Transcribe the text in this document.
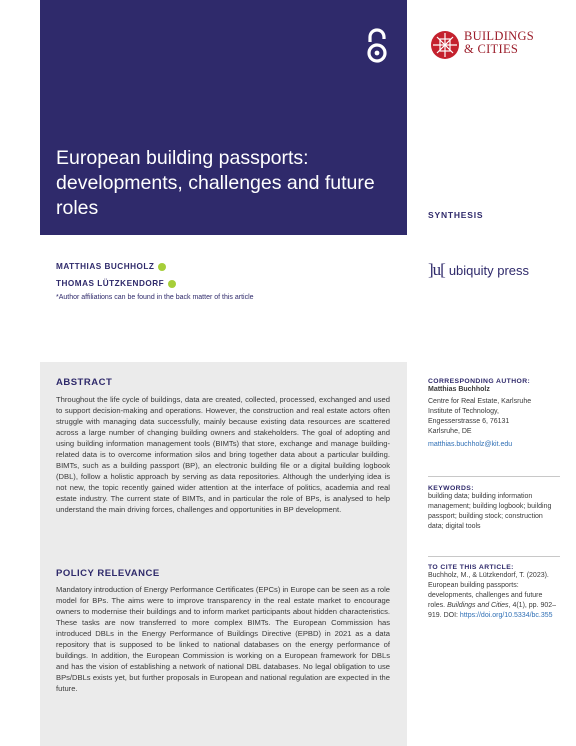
European building passports: developments, challenges and future roles
BUILDINGS
& CITIES
SYNTHESIS
MATTHIAS BUCHHOLZ
THOMAS LÜTZKENDORF
*Author affiliations can be found in the back matter of this article
]u[ ubiquity press
ABSTRACT
Throughout the life cycle of buildings, data are created, collected, processed, exchanged and used to support decision-making and operations. However, the construction and real estate actors often struggle with managing data successfully, mainly because existing data resources are scattered across a large number of changing building owners and stakeholders. The goal of adopting and using building information management tools (BIMTs) that store, exchange and manage building-related data is to overcome information silos and bring together data about a particular building. BIMTs, such as a building passport (BP), an electronic building file or a digital building logbook (DBL), follow a holistic approach by serving as data repositories. Although the underlying idea is not new, the topic recently gained wider attention at the interface of politics, academia and real estate industry. The current state of BIMTs, and in particular the role of BPs, is analysed to help understand the main driving forces, challenges and opportunities in BP development.
POLICY RELEVANCE
Mandatory introduction of Energy Performance Certificates (EPCs) in Europe can be seen as a role model for BPs. The aims were to improve transparency in the real estate market to encourage owners to modernise their buildings and to inform market participants about hidden characteristics. These tasks are now transferred to more complex BIMTs. The European Commission has introduced DBLs in the Energy Performance of Buildings Directive (EPBD) in 2021 as a data repository that is supposed to be linked to national databases on the energy performance of buildings. In addition, the European Commission is working on a European framework for DBLs and has the vision of establishing a network of national DBL databases. No legal obligation to use BPs/DBLs exists yet, but further proposals in European and national regulation are expected in the future.
CORRESPONDING AUTHOR:
Matthias Buchholz
Centre for Real Estate, Karlsruhe
Institute of Technology,
Engesserstrasse 6, 76131
Karlsruhe, DE
matthias.buchholz@kit.edu
KEYWORDS:
building data; building information management; building logbook; building passport; building stock; construction data; digital tools
TO CITE THIS ARTICLE:
Buchholz, M., & Lützkendorf, T. (2023). European building passports: developments, challenges and future roles. Buildings and Cities, 4(1), pp. 902–919. DOI: https://doi.org/10.5334/bc.355
